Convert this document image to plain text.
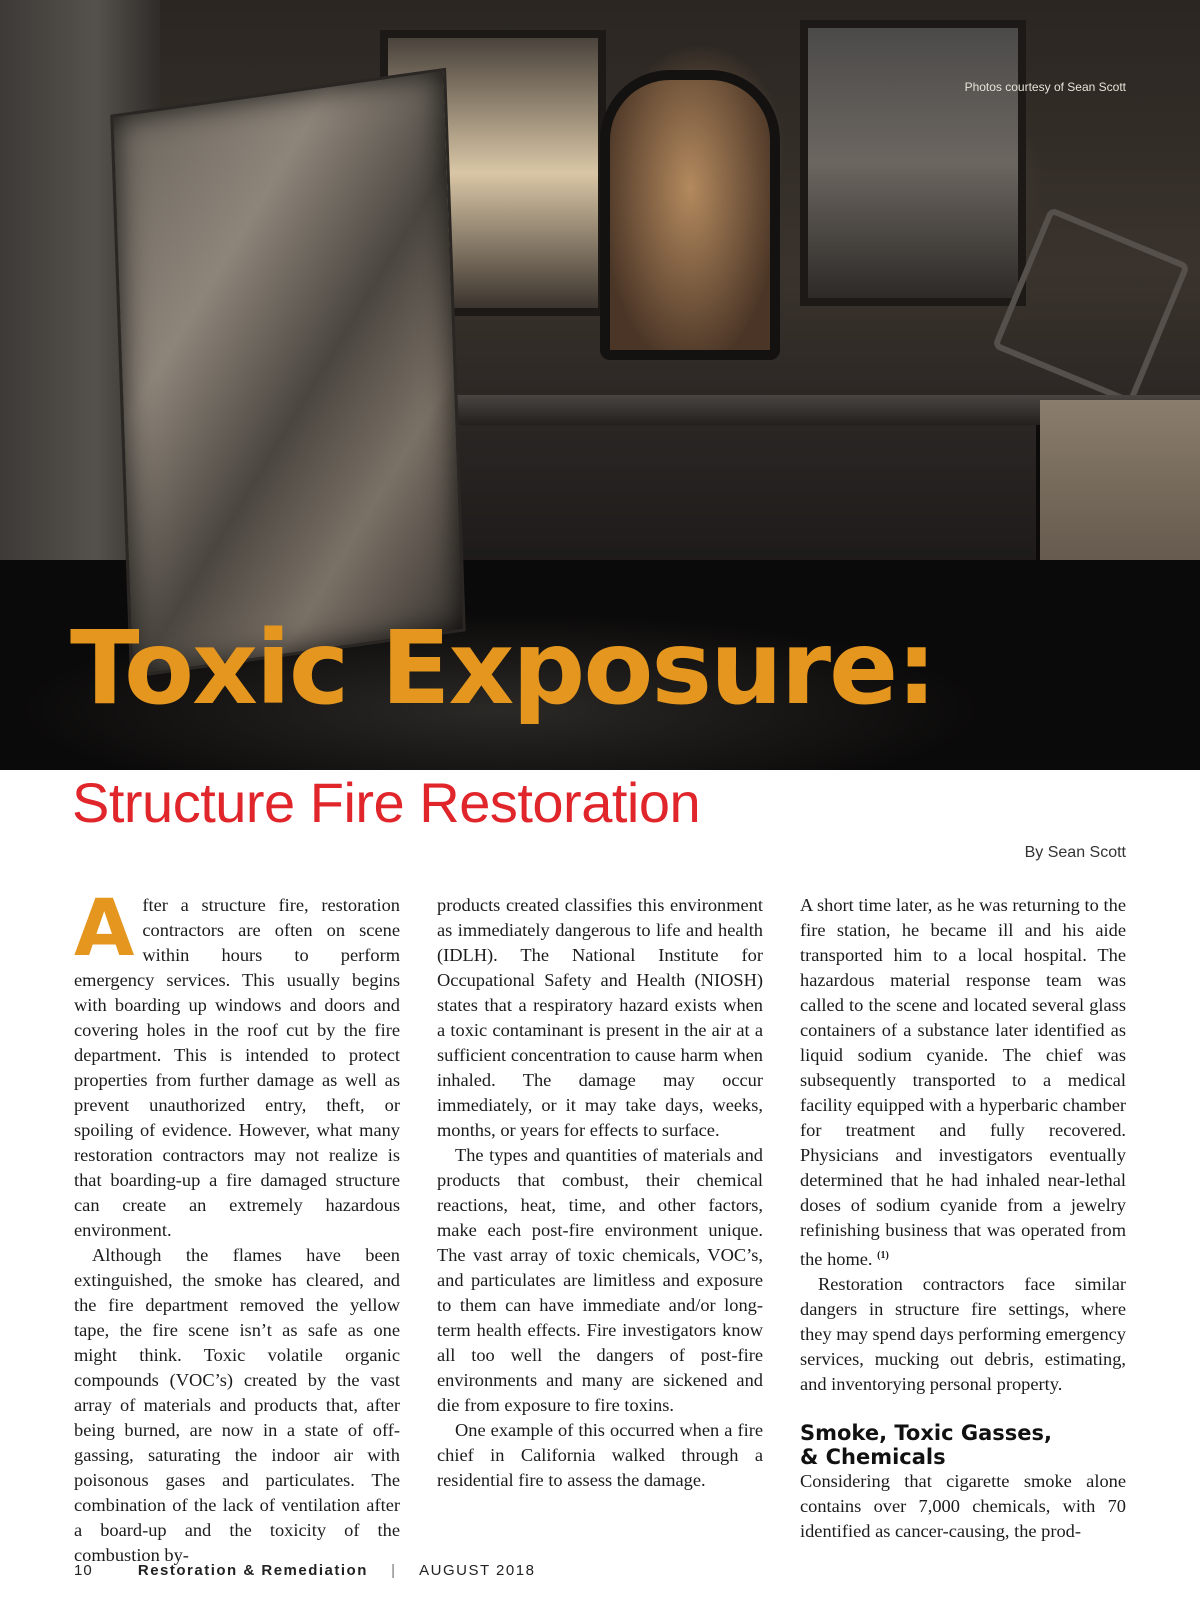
Photos courtesy of Sean Scott
Toxic Exposure:
Structure Fire Restoration
By Sean Scott

After a structure fire, restoration contractors are often on scene within hours to perform emergency services. This usually begins with boarding up windows and doors and covering holes in the roof cut by the fire department. This is intended to protect properties from further damage as well as prevent unauthorized entry, theft, or spoiling of evidence. However, what many restoration contractors may not realize is that boarding-up a fire damaged structure can create an extremely hazardous environment.

Although the flames have been extinguished, the smoke has cleared, and the fire department removed the yellow tape, the fire scene isn’t as safe as one might think. Toxic volatile organic compounds (VOC’s) created by the vast array of materials and products that, after being burned, are now in a state of off-gassing, saturating the indoor air with poisonous gases and particulates. The combination of the lack of ventilation after a board-up and the toxicity of the combustion by-

products created classifies this environment as immediately dangerous to life and health (IDLH). The National Institute for Occupational Safety and Health (NIOSH) states that a respiratory hazard exists when a toxic contaminant is present in the air at a sufficient concentration to cause harm when inhaled. The damage may occur immediately, or it may take days, weeks, months, or years for effects to surface.

The types and quantities of materials and products that combust, their chemical reactions, heat, time, and other factors, make each post-fire environment unique. The vast array of toxic chemicals, VOC’s, and particulates are limitless and exposure to them can have immediate and/or long-term health effects. Fire investigators know all too well the dangers of post-fire environments and many are sickened and die from exposure to fire toxins.

One example of this occurred when a fire chief in California walked through a residential fire to assess the damage.

A short time later, as he was returning to the fire station, he became ill and his aide transported him to a local hospital. The hazardous material response team was called to the scene and located several glass containers of a substance later identified as liquid sodium cyanide. The chief was subsequently transported to a medical facility equipped with a hyperbaric chamber for treatment and fully recovered. Physicians and investigators eventually determined that he had inhaled near-lethal doses of sodium cyanide from a jewelry refinishing business that was operated from the home. $^{(1)}$

Restoration contractors face similar dangers in structure fire settings, where they may spend days performing emergency services, mucking out debris, estimating, and inventorying personal property.

Smoke, Toxic Gasses,
& Chemicals

Considering that cigarette smoke alone contains over 7,000 chemicals, with 70 identified as cancer-causing, the prod-

10	Restoration & Remediation | AUGUST 2018
